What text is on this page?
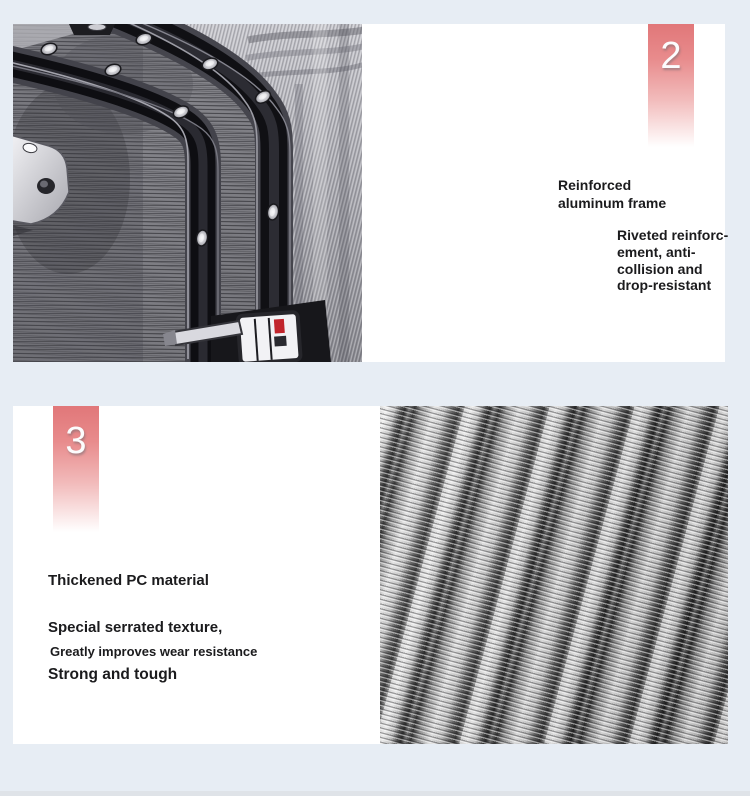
2
Reinforced
aluminum frame
Riveted reinforc-
ement, anti-
collision and
drop-resistant
3
Thickened PC material
Special serrated texture,
Greatly improves wear resistance
Strong and tough
